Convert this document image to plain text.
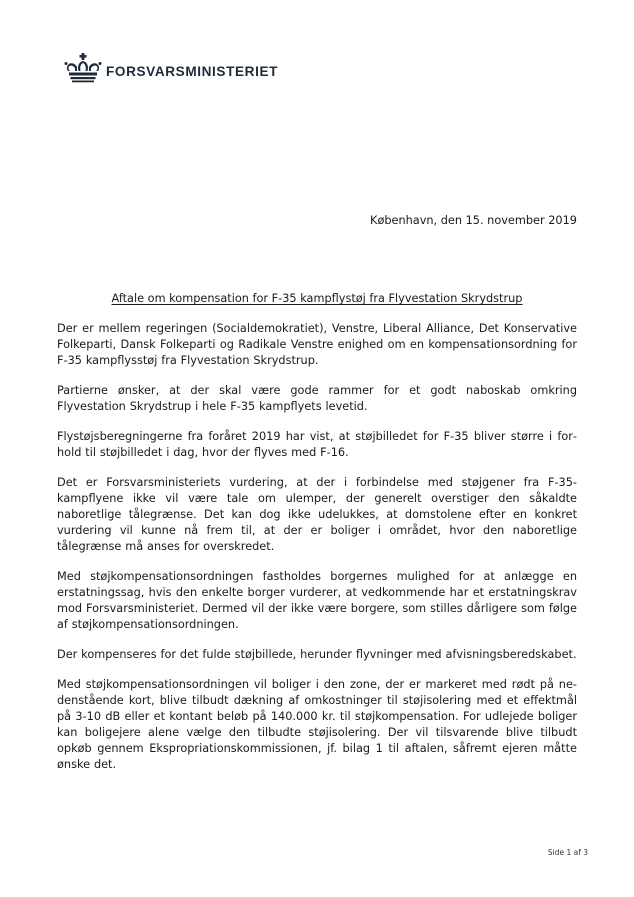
FORSVARSMINISTERIET
København, den 15. november 2019
Aftale om kompensation for F-35 kampflystøj fra Flyvestation Skrydstrup

Der er mellem regeringen (Socialdemokratiet), Venstre, Liberal Alliance, Det Konservative Folkeparti, Dansk Folkeparti og Radikale Venstre enighed om en kompensationsordning for F-35 kampflysstøj fra Flyvestation Skrydstrup.

Partierne ønsker, at der skal være gode rammer for et godt naboskab omkring Flyvestation Skrydstrup i hele F-35 kampflyets levetid.

Flystøjsberegningerne fra foråret 2019 har vist, at støjbilledet for F-35 bliver større i forhold til støjbilledet i dag, hvor der flyves med F-16.

Det er Forsvarsministeriets vurdering, at der i forbindelse med støjgener fra F-35-kampflyene ikke vil være tale om ulemper, der generelt overstiger den såkaldte naboretlige tålegrænse. Det kan dog ikke udelukkes, at domstolene efter en konkret vurdering vil kunne nå frem til, at der er boliger i området, hvor den naboretlige tålegrænse må anses for overskredet.

Med støjkompensationsordningen fastholdes borgernes mulighed for at anlægge en erstatningssag, hvis den enkelte borger vurderer, at vedkommende har et erstatningskrav mod Forsvarsministeriet. Dermed vil der ikke være borgere, som stilles dårligere som følge af støjkompensationsordningen.

Der kompenseres for det fulde støjbillede, herunder flyvninger med afvisningsberedskabet.

Med støjkompensationsordningen vil boliger i den zone, der er markeret med rødt på nedenstående kort, blive tilbudt dækning af omkostninger til støjisolering med et effektmål på 3-10 dB eller et kontant beløb på 140.000 kr. til støjkompensation. For udlejede boliger kan boligejere alene vælge den tilbudte støjisolering. Der vil tilsvarende blive tilbudt opkøb gennem Ekspropriationskommissionen, jf. bilag 1 til aftalen, såfremt ejeren måtte ønske det.

Side 1 af 3
